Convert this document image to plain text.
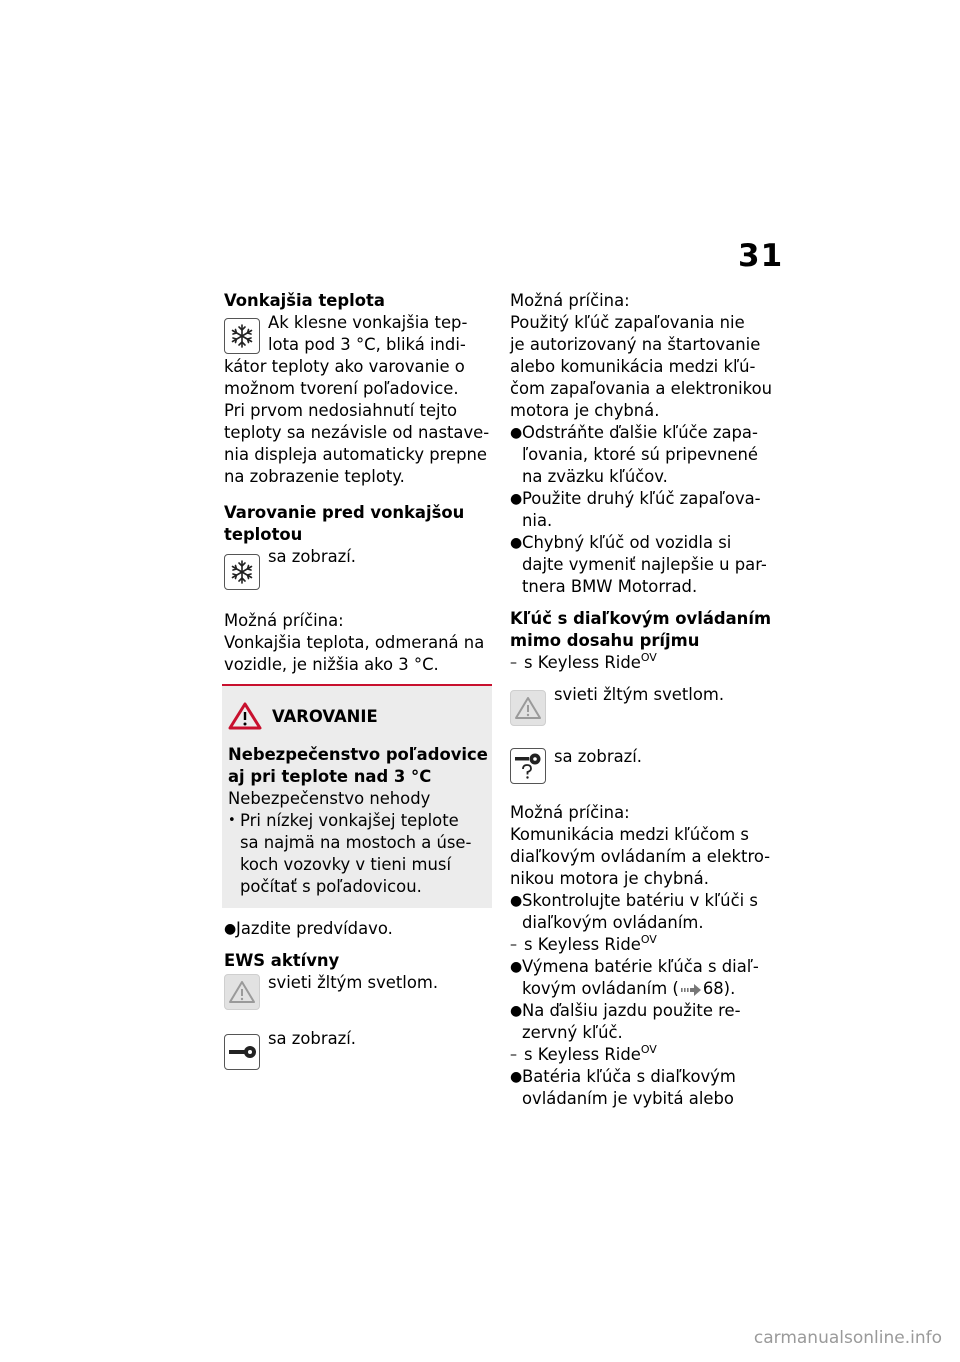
31

Vonkajšia teplota

Ak klesne vonkajšia tep-

lota pod 3 °C, bliká indi-

kátor teploty ako varovanie o

možnom tvorení poľadovice.

Pri prvom nedosiahnutí tejto

teploty sa nezávisle od nastave-

nia displeja automaticky prepne

na zobrazenie teploty.

Varovanie pred vonkajšou

teplotou

sa zobrazí.

Možná príčina:

Vonkajšia teplota, odmeraná na

vozidle, je nižšia ako 3 °C.

VAROVANIE

Nebezpečenstvo poľadovice

aj pri teplote nad 3 °C

Nebezpečenstvo nehody

• Pri nízkej vonkajšej teplote

sa najmä na mostoch a úse-

koch vozovky v tieni musí

počítať s poľadovicou.

● Jazdite predvídavo.

EWS aktívny

svieti žltým svetlom.

sa zobrazí.

Možná príčina:

Použitý kľúč zapaľovania nie

je autorizovaný na štartovanie

alebo komunikácia medzi kľú-

čom zapaľovania a elektronikou

motora je chybná.

● Odstráňte ďalšie kľúče zapa-

ľovania, ktoré sú pripevnené

na zväzku kľúčov.

● Použite druhý kľúč zapaľova-

nia.

● Chybný kľúč od vozidla si

dajte vymeniť najlepšie u par-

tnera BMW Motorrad.

Kľúč s diaľkovým ovládaním

mimo dosahu príjmu

– s Keyless Ride$^{OV}$

svieti žltým svetlom.

sa zobrazí.

Možná príčina:

Komunikácia medzi kľúčom s

diaľkovým ovládaním a elektro-

nikou motora je chybná.

● Skontrolujte batériu v kľúči s

diaľkovým ovládaním.

– s Keyless Ride$^{OV}$

● Výmena batérie kľúča s diaľ-

kovým ovládaním ( 68).

● Na ďalšiu jazdu použite re-

zervný kľúč.

– s Keyless Ride$^{OV}$

● Batéria kľúča s diaľkovým

ovládaním je vybitá alebo

carmanualsonline.info
